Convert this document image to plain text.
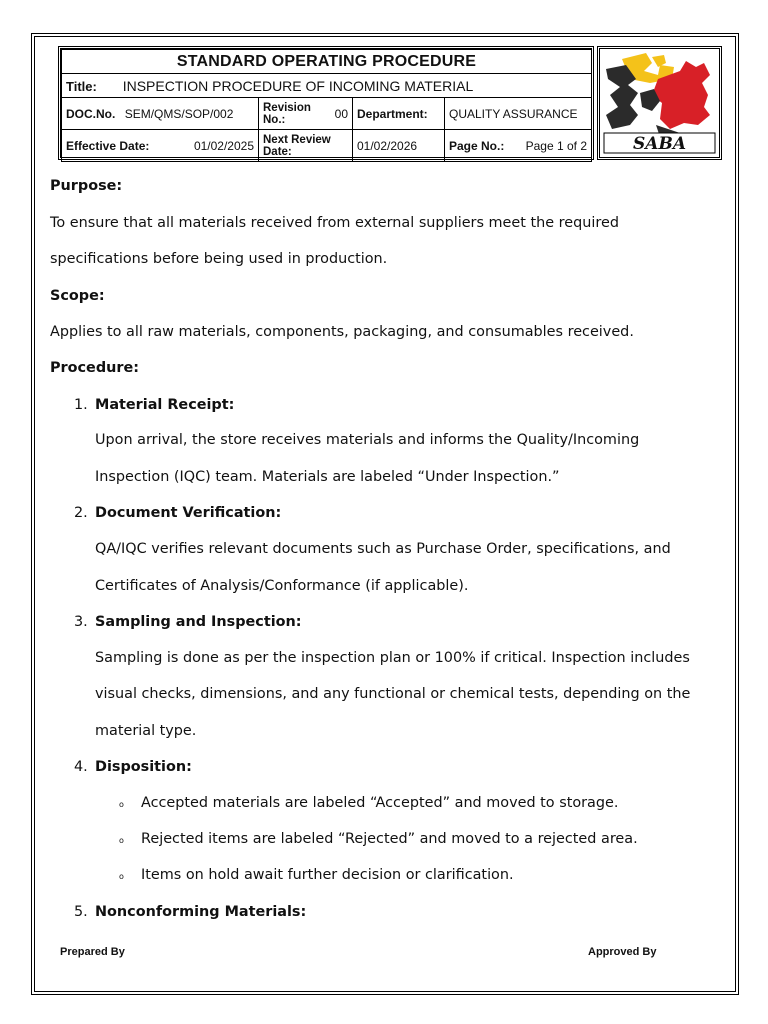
STANDARD OPERATING PROCEDURE			
Title: INSPECTION PROCEDURE OF INCOMING MATERIAL			
DOC.No. SEM/QMS/SOP/002	Revision No.: 00	Department:	QUALITY ASSURANCE

Effective Date: 01/02/2025	Next Review Date:	01/02/2026	Page No.: Page 1 of 2	SABA
Purpose:
To ensure that all materials received from external suppliers meet the required
specifications before being used in production.
Scope:
Applies to all raw materials, components, packaging, and consumables received.
Procedure:
1. Material Receipt:
Upon arrival, the store receives materials and informs the Quality/Incoming
Inspection (IQC) team. Materials are labeled “Under Inspection.”
2. Document Verification:
QA/IQC verifies relevant documents such as Purchase Order, specifications, and
Certificates of Analysis/Conformance (if applicable).
3. Sampling and Inspection:
Sampling is done as per the inspection plan or 100% if critical. Inspection includes
visual checks, dimensions, and any functional or chemical tests, depending on the
material type.
4. Disposition:
o Accepted materials are labeled “Accepted” and moved to storage.
o Rejected items are labeled “Rejected” and moved to a rejected area.
o Items on hold await further decision or clarification.
5. Nonconforming Materials:
Prepared By	Approved By
